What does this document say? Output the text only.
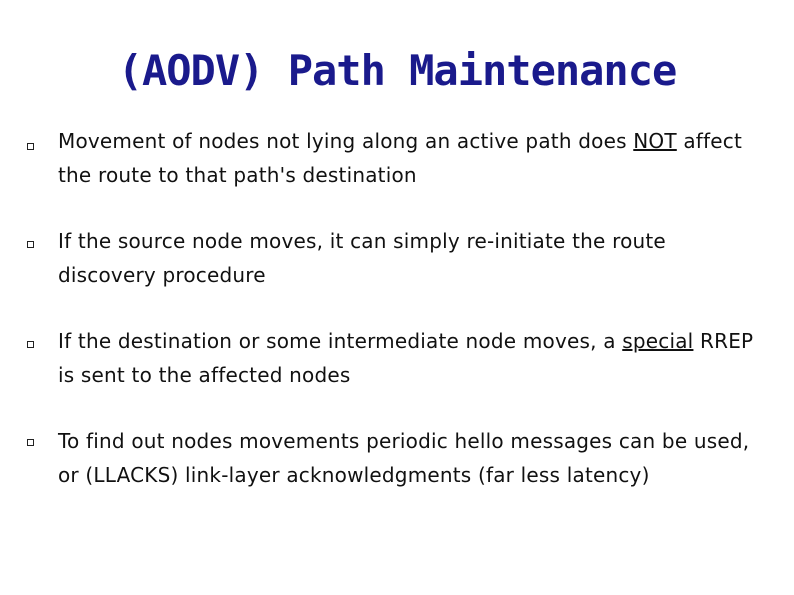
(AODV) Path Maintenance
Movement of nodes not lying along an active path does NOT affect the route to that path's destination
If the source node moves, it can simply re-initiate the route discovery procedure
If the destination or some intermediate node moves, a special RREP is sent to the affected nodes
To find out nodes movements periodic hello messages can be used, or (LLACKS) link-layer acknowledgments (far less latency)
